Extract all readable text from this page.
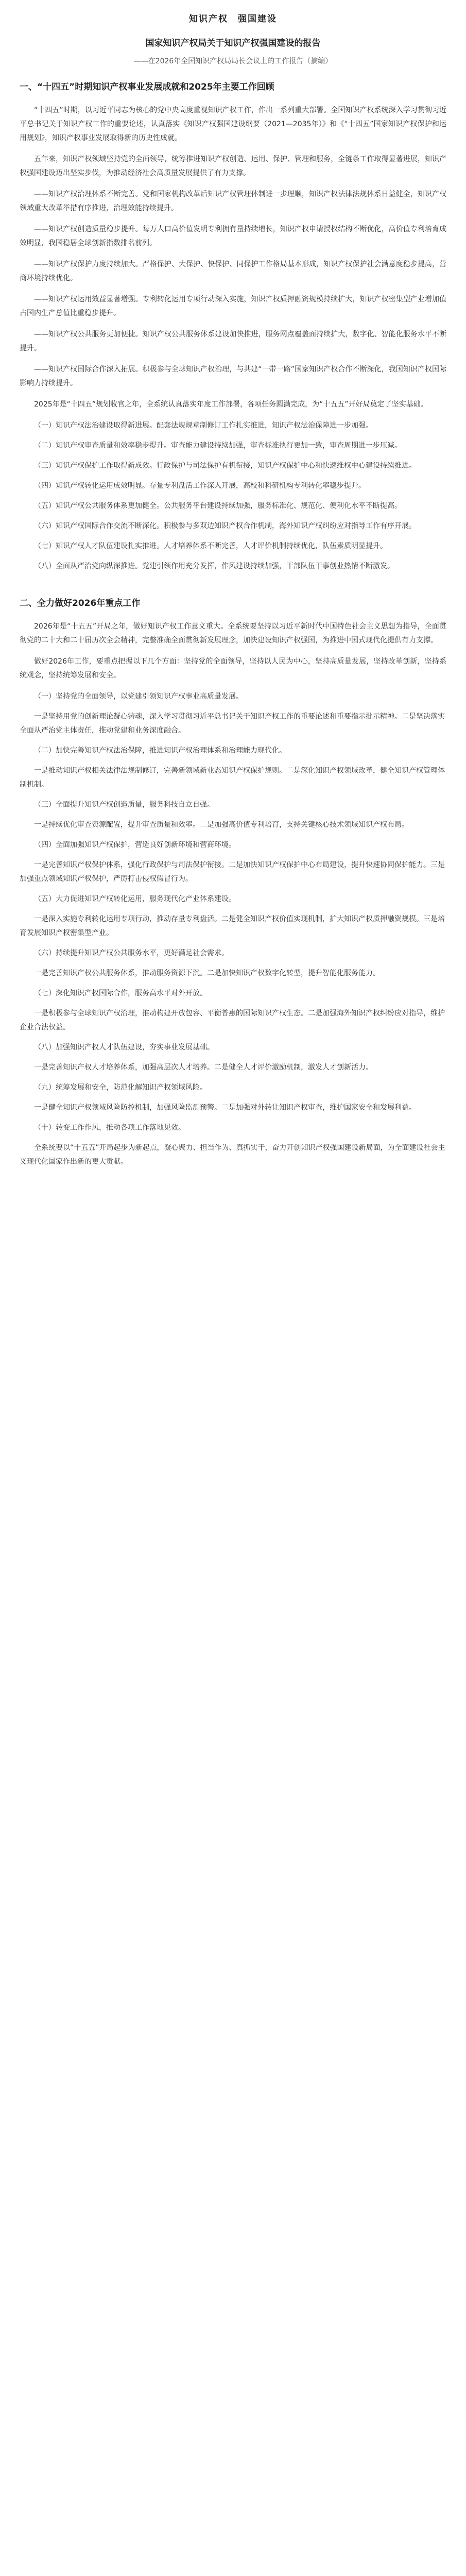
知识产权　强国建设
国家知识产权局关于知识产权强国建设的报告
——在2026年全国知识产权局局长会议上的工作报告（摘编）
一、“十四五”时期知识产权事业发展成就和2025年主要工作回顾

“十四五”时期，以习近平同志为核心的党中央高度重视知识产权工作，作出一系列重大部署。全国知识产权系统深入学习贯彻习近平总书记关于知识产权工作的重要论述，认真落实《知识产权强国建设纲要（2021—2035年）》和《“十四五”国家知识产权保护和运用规划》，知识产权事业发展取得新的历史性成就。

五年来，知识产权领域坚持党的全面领导，统筹推进知识产权创造、运用、保护、管理和服务，全链条工作取得显著进展，知识产权强国建设迈出坚实步伐，为推动经济社会高质量发展提供了有力支撑。

——知识产权治理体系不断完善。党和国家机构改革后知识产权管理体制进一步理顺，知识产权法律法规体系日益健全，知识产权领域重大改革举措有序推进，治理效能持续提升。

——知识产权创造质量稳步提升。每万人口高价值发明专利拥有量持续增长，知识产权申请授权结构不断优化，高价值专利培育成效明显，我国稳居全球创新指数排名前列。

——知识产权保护力度持续加大。严格保护、大保护、快保护、同保护工作格局基本形成，知识产权保护社会满意度稳步提高，营商环境持续优化。

——知识产权运用效益显著增强。专利转化运用专项行动深入实施，知识产权质押融资规模持续扩大，知识产权密集型产业增加值占国内生产总值比重稳步提升。

——知识产权公共服务更加便捷。知识产权公共服务体系建设加快推进，服务网点覆盖面持续扩大，数字化、智能化服务水平不断提升。

——知识产权国际合作深入拓展。积极参与全球知识产权治理，与共建“一带一路”国家知识产权合作不断深化，我国知识产权国际影响力持续提升。

2025年是“十四五”规划收官之年，全系统认真落实年度工作部署，各项任务圆满完成，为“十五五”开好局奠定了坚实基础。

（一）知识产权法治建设取得新进展。配套法规规章制修订工作扎实推进，知识产权法治保障进一步加强。

（二）知识产权审查质量和效率稳步提升。审查能力建设持续加强，审查标准执行更加一致，审查周期进一步压减。

（三）知识产权保护工作取得新成效。行政保护与司法保护有机衔接，知识产权保护中心和快速维权中心建设持续推进。

（四）知识产权转化运用成效明显。存量专利盘活工作深入开展，高校和科研机构专利转化率稳步提升。

（五）知识产权公共服务体系更加健全。公共服务平台建设持续加强，服务标准化、规范化、便利化水平不断提高。

（六）知识产权国际合作交流不断深化。积极参与多双边知识产权合作机制，海外知识产权纠纷应对指导工作有序开展。

（七）知识产权人才队伍建设扎实推进。人才培养体系不断完善，人才评价机制持续优化，队伍素质明显提升。

（八）全面从严治党向纵深推进。党建引领作用充分发挥，作风建设持续加强，干部队伍干事创业热情不断激发。

二、全力做好2026年重点工作

2026年是“十五五”开局之年，做好知识产权工作意义重大。全系统要坚持以习近平新时代中国特色社会主义思想为指导，全面贯彻党的二十大和二十届历次全会精神，完整准确全面贯彻新发展理念，加快建设知识产权强国，为推进中国式现代化提供有力支撑。

做好2026年工作，要重点把握以下几个方面：坚持党的全面领导，坚持以人民为中心，坚持高质量发展，坚持改革创新，坚持系统观念，坚持统筹发展和安全。

（一）坚持党的全面领导，以党建引领知识产权事业高质量发展。

一是坚持用党的创新理论凝心铸魂，深入学习贯彻习近平总书记关于知识产权工作的重要论述和重要指示批示精神。二是坚决落实全面从严治党主体责任，推动党建和业务深度融合。

（二）加快完善知识产权法治保障，推进知识产权治理体系和治理能力现代化。

一是推动知识产权相关法律法规制修订，完善新领域新业态知识产权保护规则。二是深化知识产权领域改革，健全知识产权管理体制机制。

（三）全面提升知识产权创造质量，服务科技自立自强。

一是持续优化审查资源配置，提升审查质量和效率。二是加强高价值专利培育，支持关键核心技术领域知识产权布局。

（四）全面加强知识产权保护，营造良好创新环境和营商环境。

一是完善知识产权保护体系，强化行政保护与司法保护衔接。二是加快知识产权保护中心布局建设，提升快速协同保护能力。三是加强重点领域知识产权保护，严厉打击侵权假冒行为。

（五）大力促进知识产权转化运用，服务现代化产业体系建设。

一是深入实施专利转化运用专项行动，推动存量专利盘活。二是健全知识产权价值实现机制，扩大知识产权质押融资规模。三是培育发展知识产权密集型产业。

（六）持续提升知识产权公共服务水平，更好满足社会需求。

一是完善知识产权公共服务体系，推动服务资源下沉。二是加快知识产权数字化转型，提升智能化服务能力。

（七）深化知识产权国际合作，服务高水平对外开放。

一是积极参与全球知识产权治理，推动构建开放包容、平衡普惠的国际知识产权生态。二是加强海外知识产权纠纷应对指导，维护企业合法权益。

（八）加强知识产权人才队伍建设，夯实事业发展基础。

一是完善知识产权人才培养体系，加强高层次人才培养。二是健全人才评价激励机制，激发人才创新活力。

（九）统筹发展和安全，防范化解知识产权领域风险。

一是健全知识产权领域风险防控机制，加强风险监测预警。二是加强对外转让知识产权审查，维护国家安全和发展利益。

（十）转变工作作风，推动各项工作落地见效。

全系统要以“十五五”开局起步为新起点，凝心聚力、担当作为、真抓实干，奋力开创知识产权强国建设新局面，为全面建设社会主义现代化国家作出新的更大贡献。
